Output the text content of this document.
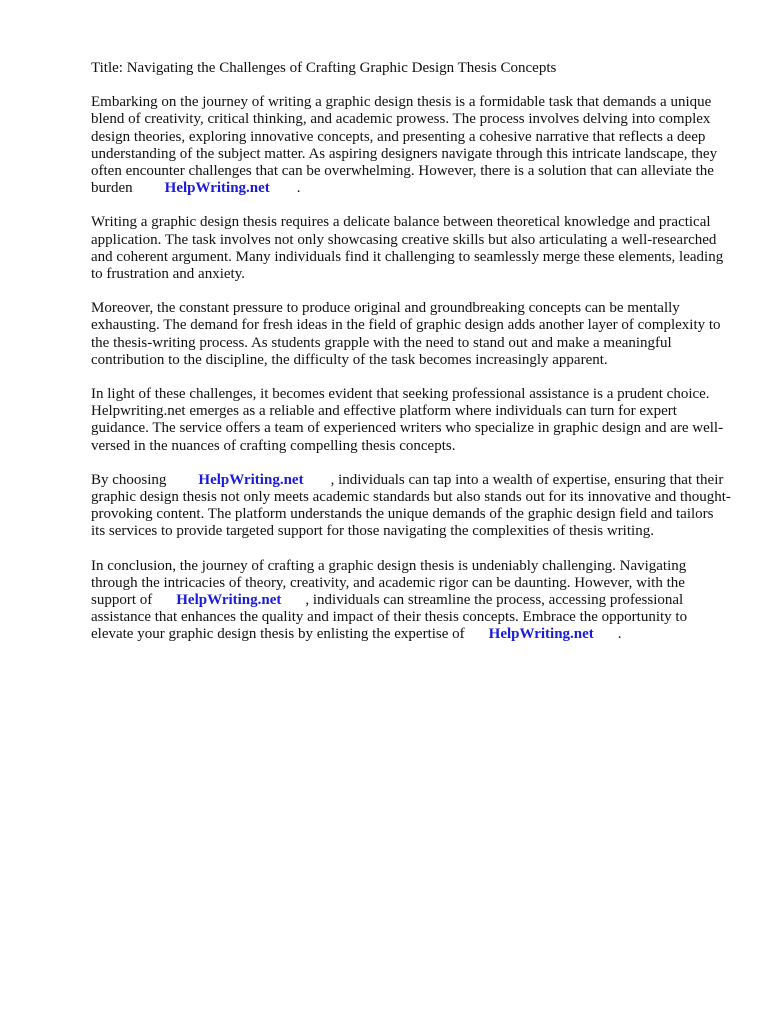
Title: Navigating the Challenges of Crafting Graphic Design Thesis Concepts

Embarking on the journey of writing a graphic design thesis is a formidable task that demands a unique blend of creativity, critical thinking, and academic prowess. The process involves delving into complex design theories, exploring innovative concepts, and presenting a cohesive narrative that reflects a deep understanding of the subject matter. As aspiring designers navigate through this intricate landscape, they often encounter challenges that can be overwhelming. However, there is a solution that can alleviate the burden HelpWriting.net .

Writing a graphic design thesis requires a delicate balance between theoretical knowledge and practical application. The task involves not only showcasing creative skills but also articulating a well-researched and coherent argument. Many individuals find it challenging to seamlessly merge these elements, leading to frustration and anxiety.

Moreover, the constant pressure to produce original and groundbreaking concepts can be mentally exhausting. The demand for fresh ideas in the field of graphic design adds another layer of complexity to the thesis-writing process. As students grapple with the need to stand out and make a meaningful contribution to the discipline, the difficulty of the task becomes increasingly apparent.

In light of these challenges, it becomes evident that seeking professional assistance is a prudent choice. Helpwriting.net emerges as a reliable and effective platform where individuals can turn for expert guidance. The service offers a team of experienced writers who specialize in graphic design and are well-versed in the nuances of crafting compelling thesis concepts.

By choosing HelpWriting.net , individuals can tap into a wealth of expertise, ensuring that their graphic design thesis not only meets academic standards but also stands out for its innovative and thought-provoking content. The platform understands the unique demands of the graphic design field and tailors its services to provide targeted support for those navigating the complexities of thesis writing.

In conclusion, the journey of crafting a graphic design thesis is undeniably challenging. Navigating through the intricacies of theory, creativity, and academic rigor can be daunting. However, with the support of HelpWriting.net , individuals can streamline the process, accessing professional assistance that enhances the quality and impact of their thesis concepts. Embrace the opportunity to elevate your graphic design thesis by enlisting the expertise of HelpWriting.net .
